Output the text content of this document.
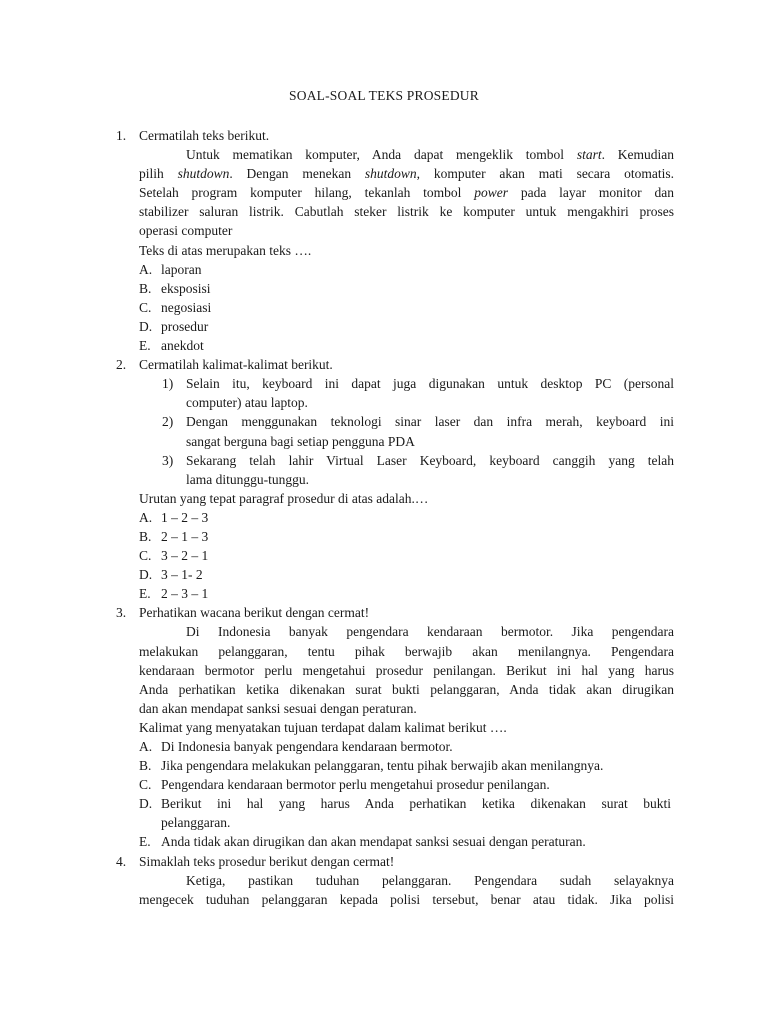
SOAL-SOAL TEKS PROSEDUR
1. Cermatilah teks berikut.
Untuk mematikan komputer, Anda dapat mengeklik tombol start. Kemudian
pilih shutdown. Dengan menekan shutdown, komputer akan mati secara otomatis.
Setelah program komputer hilang, tekanlah tombol power pada layar monitor dan
stabilizer saluran listrik. Cabutlah steker listrik ke komputer untuk mengakhiri proses
operasi computer
Teks di atas merupakan teks ….
A. laporan
B. eksposisi
C. negosiasi
D. prosedur
E. anekdot
2. Cermatilah kalimat-kalimat berikut.
1) Selain itu, keyboard ini dapat juga digunakan untuk desktop PC (personal
computer) atau laptop.
2) Dengan menggunakan teknologi sinar laser dan infra merah, keyboard ini
sangat berguna bagi setiap pengguna PDA
3) Sekarang telah lahir Virtual Laser Keyboard, keyboard canggih yang telah
lama ditunggu-tunggu.
Urutan yang tepat paragraf prosedur di atas adalah.…
A. 1 – 2 – 3
B. 2 – 1 – 3
C. 3 – 2 – 1
D. 3 – 1- 2
E. 2 – 3 – 1
3. Perhatikan wacana berikut dengan cermat!
Di Indonesia banyak pengendara kendaraan bermotor. Jika pengendara
melakukan pelanggaran, tentu pihak berwajib akan menilangnya. Pengendara
kendaraan bermotor perlu mengetahui prosedur penilangan. Berikut ini hal yang harus
Anda perhatikan ketika dikenakan surat bukti pelanggaran, Anda tidak akan dirugikan
dan akan mendapat sanksi sesuai dengan peraturan.
Kalimat yang menyatakan tujuan terdapat dalam kalimat berikut ….
A. Di Indonesia banyak pengendara kendaraan bermotor.
B. Jika pengendara melakukan pelanggaran, tentu pihak berwajib akan menilangnya.
C. Pengendara kendaraan bermotor perlu mengetahui prosedur penilangan.
D. Berikut ini hal yang harus Anda perhatikan ketika dikenakan surat bukti
pelanggaran.
E. Anda tidak akan dirugikan dan akan mendapat sanksi sesuai dengan peraturan.
4. Simaklah teks prosedur berikut dengan cermat!
Ketiga, pastikan tuduhan pelanggaran. Pengendara sudah selayaknya
mengecek tuduhan pelanggaran kepada polisi tersebut, benar atau tidak. Jika polisi
